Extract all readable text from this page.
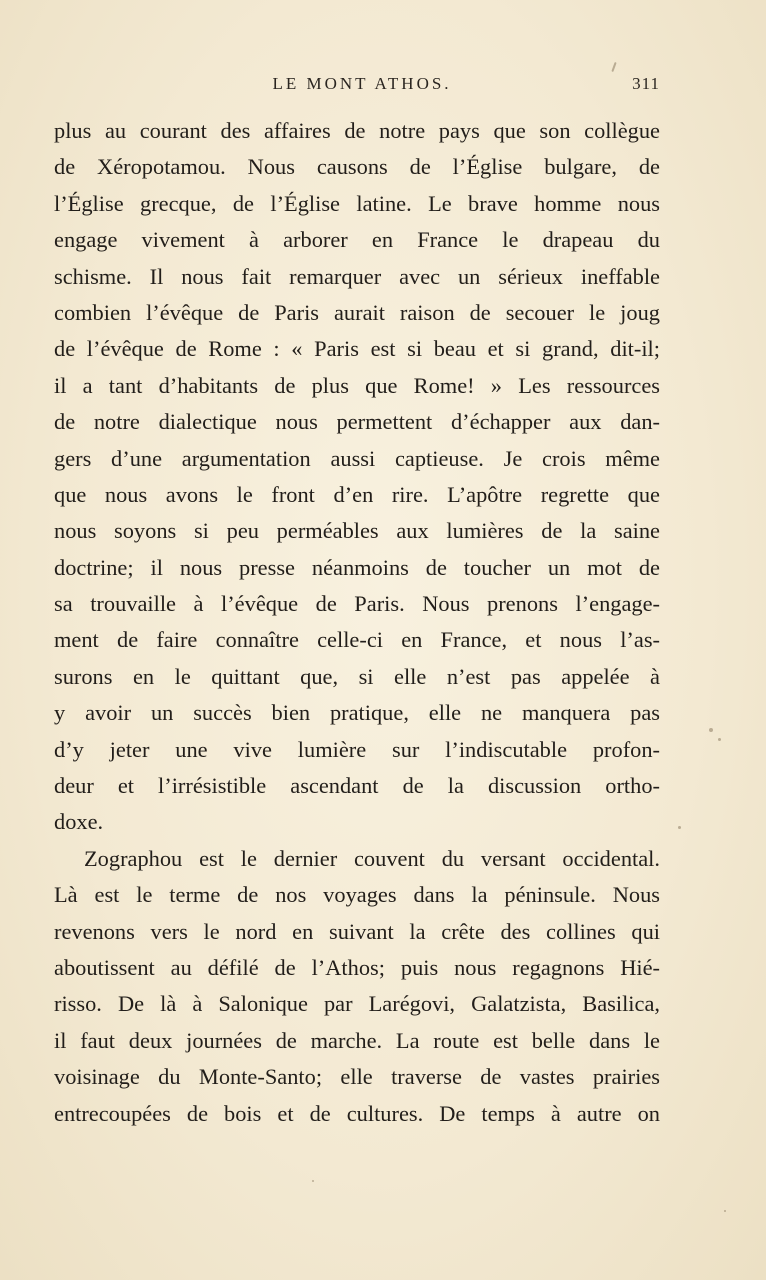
LE MONT ATHOS.	311
plus au courant des affaires de notre pays que son collègue
de Xéropotamou. Nous causons de l’Église bulgare, de
l’Église grecque, de l’Église latine. Le brave homme nous
engage vivement à arborer en France le drapeau du
schisme. Il nous fait remarquer avec un sérieux ineffable
combien l’évêque de Paris aurait raison de secouer le joug
de l’évêque de Rome : « Paris est si beau et si grand, dit-il;
il a tant d’habitants de plus que Rome! » Les ressources
de notre dialectique nous permettent d’échapper aux dan-
gers d’une argumentation aussi captieuse. Je crois même
que nous avons le front d’en rire. L’apôtre regrette que
nous soyons si peu perméables aux lumières de la saine
doctrine; il nous presse néanmoins de toucher un mot de
sa trouvaille à l’évêque de Paris. Nous prenons l’engage-
ment de faire connaître celle-ci en France, et nous l’as-
surons en le quittant que, si elle n’est pas appelée à
y avoir un succès bien pratique, elle ne manquera pas
d’y jeter une vive lumière sur l’indiscutable profon-
deur et l’irrésistible ascendant de la discussion ortho-
doxe.
Zographou est le dernier couvent du versant occidental.
Là est le terme de nos voyages dans la péninsule. Nous
revenons vers le nord en suivant la crête des collines qui
aboutissent au défilé de l’Athos; puis nous regagnons Hié-
risso. De là à Salonique par Larégovi, Galatzista, Basilica,
il faut deux journées de marche. La route est belle dans le
voisinage du Monte-Santo; elle traverse de vastes prairies
entrecoupées de bois et de cultures. De temps à autre on
